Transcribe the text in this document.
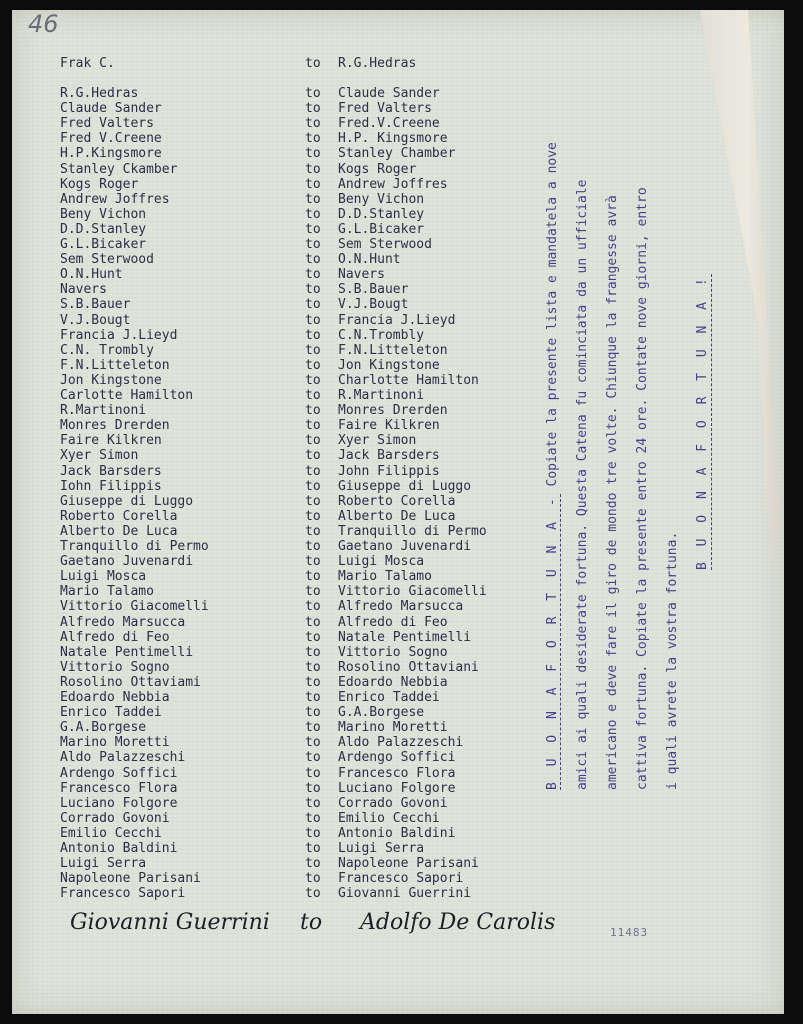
46
Frak C.	to R.G.Hedras
R.G.Hedras	to Claude Sander
Claude Sander	to Fred Valters
Fred Valters	to Fred.V.Creene
Fred V.Creene	to H.P. Kingsmore
H.P.Kingsmore	to Stanley Chamber
Stanley Ckamber	to Kogs Roger
Kogs Roger	to Andrew Joffres
Andrew Joffres	to Beny Vichon
Beny Vichon	to D.D.Stanley
D.D.Stanley	to G.L.Bicaker
G.L.Bicaker	to Sem Sterwood
Sem Sterwood	to O.N.Hunt
O.N.Hunt	to Navers
Navers	to S.B.Bauer
S.B.Bauer	to V.J.Bougt
V.J.Bougt	to Francia J.Lieyd
Francia J.Lieyd	to C.N.Trombly
C.N. Trombly	to F.N.Litteleton
F.N.Litteleton	to Jon Kingstone
Jon Kingstone	to Charlotte Hamilton
Carlotte Hamilton	to R.Martinoni
R.Martinoni	to Monres Drerden
Monres Drerden	to Faire Kilkren
Faire Kilkren	to Xyer Simon
Xyer Simon	to Jack Barsders
Jack Barsders	to John Filippis
Iohn Filippis	to Giuseppe di Luggo
Giuseppe di Luggo	to Roberto Corella
Roberto Corella	to Alberto De Luca
Alberto De Luca	to Tranquillo di Permo
Tranquillo di Permo	to Gaetano Juvenardi
Gaetano Juvenardi	to Luigi Mosca
Luigi Mosca	to Mario Talamo
Mario Talamo	to Vittorio Giacomelli
Vittorio Giacomelli	to Alfredo Marsucca
Alfredo Marsucca	to Alfredo di Feo
Alfredo di Feo	to Natale Pentimelli
Natale Pentimelli	to Vittorio Sogno
Vittorio Sogno	to Rosolino Ottaviani
Rosolino Ottaviami	to Edoardo Nebbia
Edoardo Nebbia	to Enrico Taddei
Enrico Taddei	to G.A.Borgese
G.A.Borgese	to Marino Moretti
Marino Moretti	to Aldo Palazzeschi
Aldo Palazzeschi	to Ardengo Soffici
Ardengo Soffici	to Francesco Flora
Francesco Flora	to Luciano Folgore
Luciano Folgore	to Corrado Govoni
Corrado Govoni	to Emilio Cecchi
Emilio Cecchi	to Antonio Baldini
Antonio Baldini	to Luigi Serra
Luigi Serra	to Napoleone Parisani
Napoleone Parisani	to Francesco Sapori
Francesco Sapori	to Giovanni Guerrini
Giovanni Guerrini to Adolfo De Carolis	11483
B U O N A F O R T U N A - Copiate la presente lista e mandatela a nove amici ai quali desiderate fortuna. Questa Catena fu cominciata da un ufficiale americano e deve fare il giro de mondo tre volte. Chiunque la frangesse avrà cattiva fortuna. Copiate la presente entro 24 ore. Contate nove giorni, entro i quali avrete la vostra fortuna.
B U O N A F O R T U N A !
